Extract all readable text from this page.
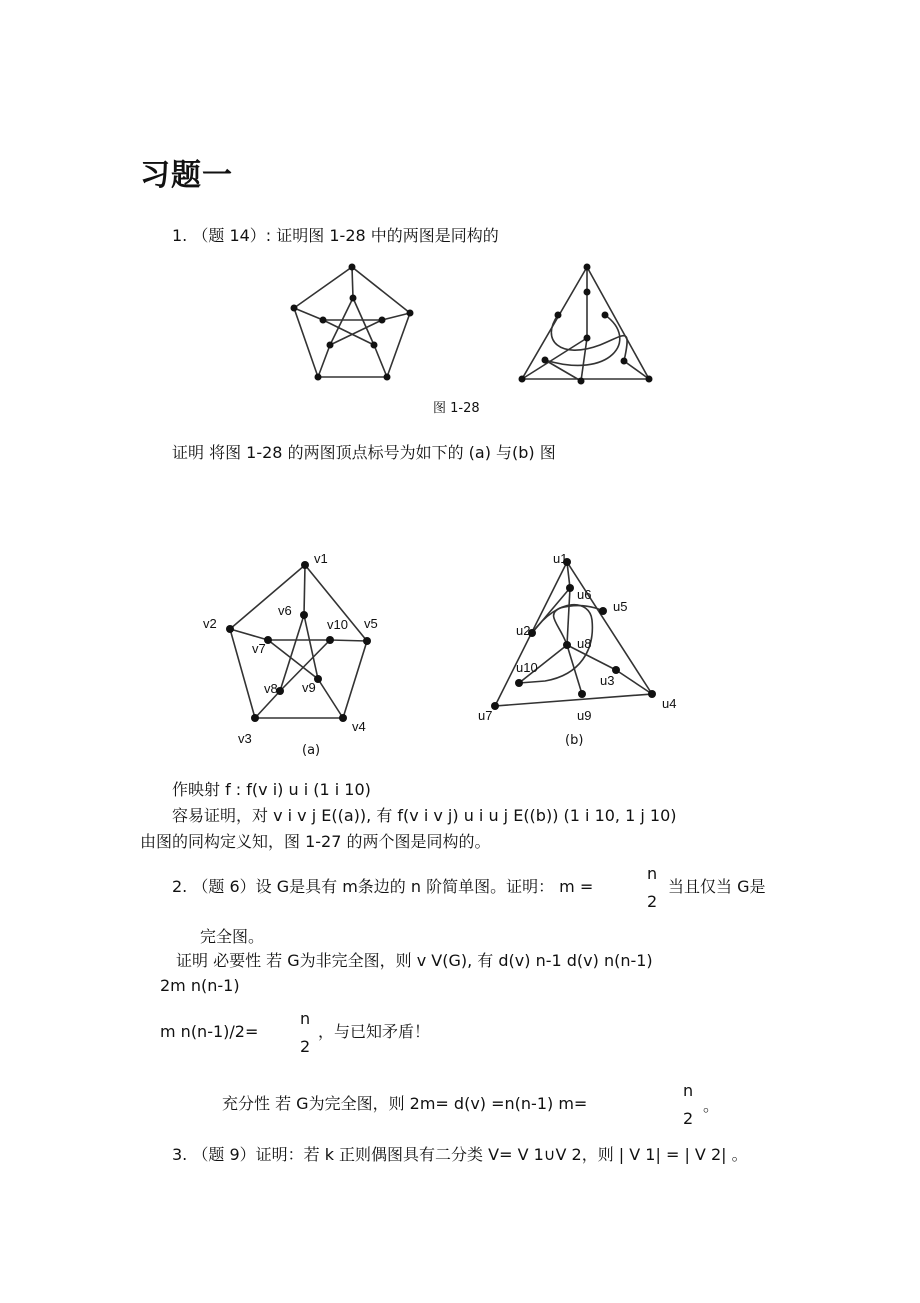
习题一
1. （题 14）: 证明图 1-28 中的两图是同构的
图 1-28
证明 将图 1-28 的两图顶点标号为如下的 (a) 与(b) 图
v1
v2
v3
v4
v5
v6
v7
v8 v9
v10
(a)
u1
u2
u3
u4
u5
u6
u7
u8
u9
u10
(b)
作映射 f : f(v i) u i (1 i 10)
容易证明，对 v i v j E((a)), 有 f(v i v j) u i u j E((b)) (1 i 10, 1 j 10)
由图的同构定义知，图 1-27 的两个图是同构的。
2. （题 6）设 G是具有 m条边的 n 阶简单图。证明： m =
n
2
当且仅当 G是
完全图。
证明 必要性 若 G为非完全图，则 v V(G), 有 d(v) n-1 d(v) n(n-1)
2m n(n-1)
m n(n-1)/2=
n
2
，与已知矛盾！
充分性 若 G为完全图，则 2m= d(v) =n(n-1) m=
n
2
。
3. （题 9）证明：若 k 正则偶图具有二分类 V= V 1∪V 2，则 | V 1| = | V 2| 。
